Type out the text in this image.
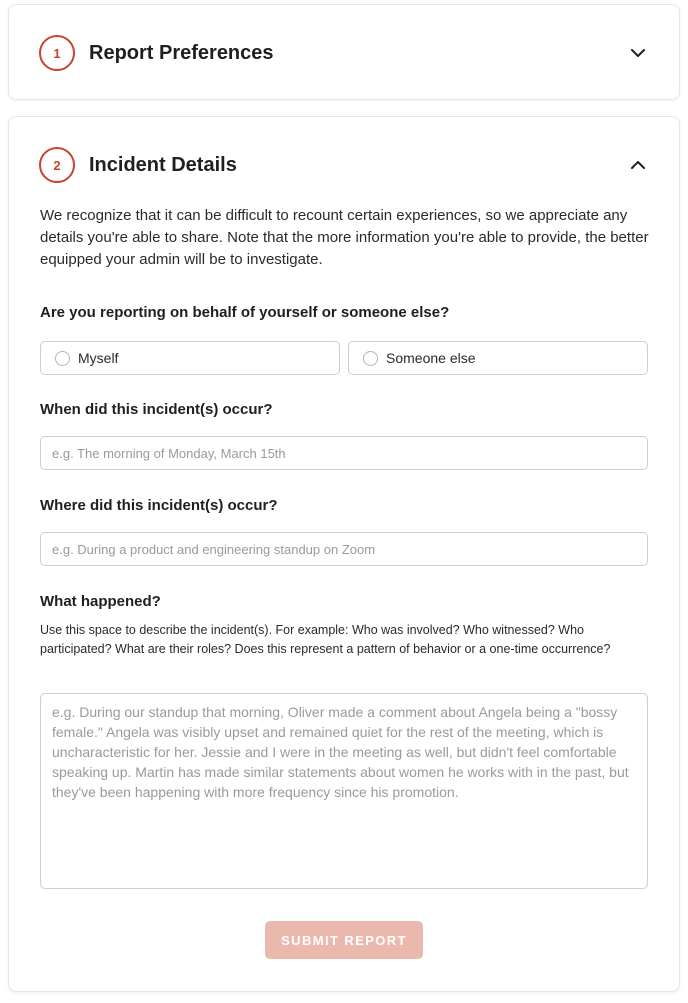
1	Report Preferences
2	Incident Details

We recognize that it can be difficult to recount certain experiences, so we appreciate any details you're able to share. Note that the more information you're able to provide, the better equipped your admin will be to investigate.

Are you reporting on behalf of yourself or someone else?
Myself	Someone else
When did this incident(s) occur?
e.g. The morning of Monday, March 15th
Where did this incident(s) occur?
e.g. During a product and engineering standup on Zoom
What happened?

Use this space to describe the incident(s). For example: Who was involved? Who witnessed? Who participated? What are their roles? Does this represent a pattern of behavior or a one-time occurrence?

e.g. During our standup that morning, Oliver made a comment about Angela being a "bossy female." Angela was visibly upset and remained quiet for the rest of the meeting, which is uncharacteristic for her. Jessie and I were in the meeting as well, but didn't feel comfortable speaking up. Martin has made similar statements about women he works with in the past, but they've been happening with more frequency since his promotion.
SUBMIT REPORT
